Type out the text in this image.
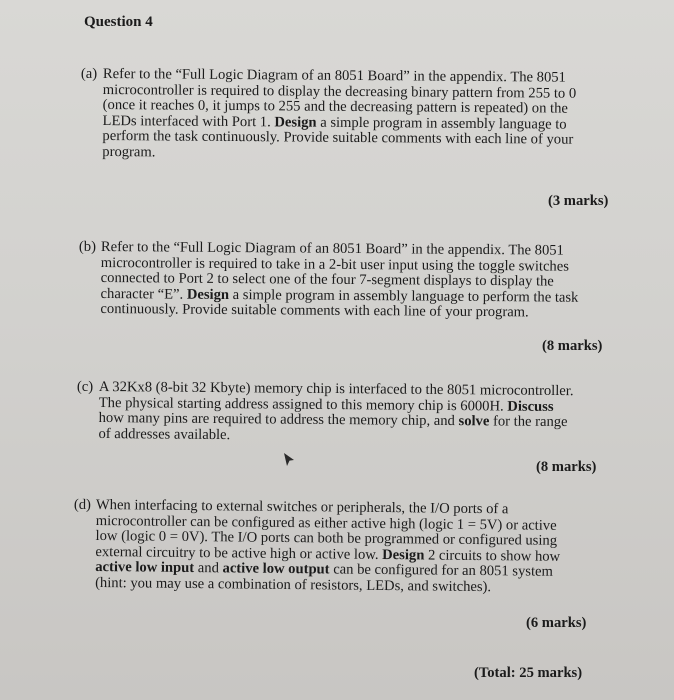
Question 4
(a) Refer to the “Full Logic Diagram of an 8051 Board” in the appendix. The 8051
microcontroller is required to display the decreasing binary pattern from 255 to 0
(once it reaches 0, it jumps to 255 and the decreasing pattern is repeated) on the
LEDs interfaced with Port 1. Design a simple program in assembly language to
perform the task continuously. Provide suitable comments with each line of your
program.
(3 marks)
(b) Refer to the “Full Logic Diagram of an 8051 Board” in the appendix. The 8051
microcontroller is required to take in a 2-bit user input using the toggle switches
connected to Port 2 to select one of the four 7-segment displays to display the
character “E”. Design a simple program in assembly language to perform the task
continuously. Provide suitable comments with each line of your program.
(8 marks)
(c) A 32Kx8 (8-bit 32 Kbyte) memory chip is interfaced to the 8051 microcontroller.
The physical starting address assigned to this memory chip is 6000H. Discuss
how many pins are required to address the memory chip, and solve for the range
of addresses available.
(8 marks)
(d) When interfacing to external switches or peripherals, the I/O ports of a
microcontroller can be configured as either active high (logic 1 = 5V) or active
low (logic 0 = 0V). The I/O ports can both be programmed or configured using
external circuitry to be active high or active low. Design 2 circuits to show how
active low input and active low output can be configured for an 8051 system
(hint: you may use a combination of resistors, LEDs, and switches).
(6 marks)
(Total: 25 marks)
